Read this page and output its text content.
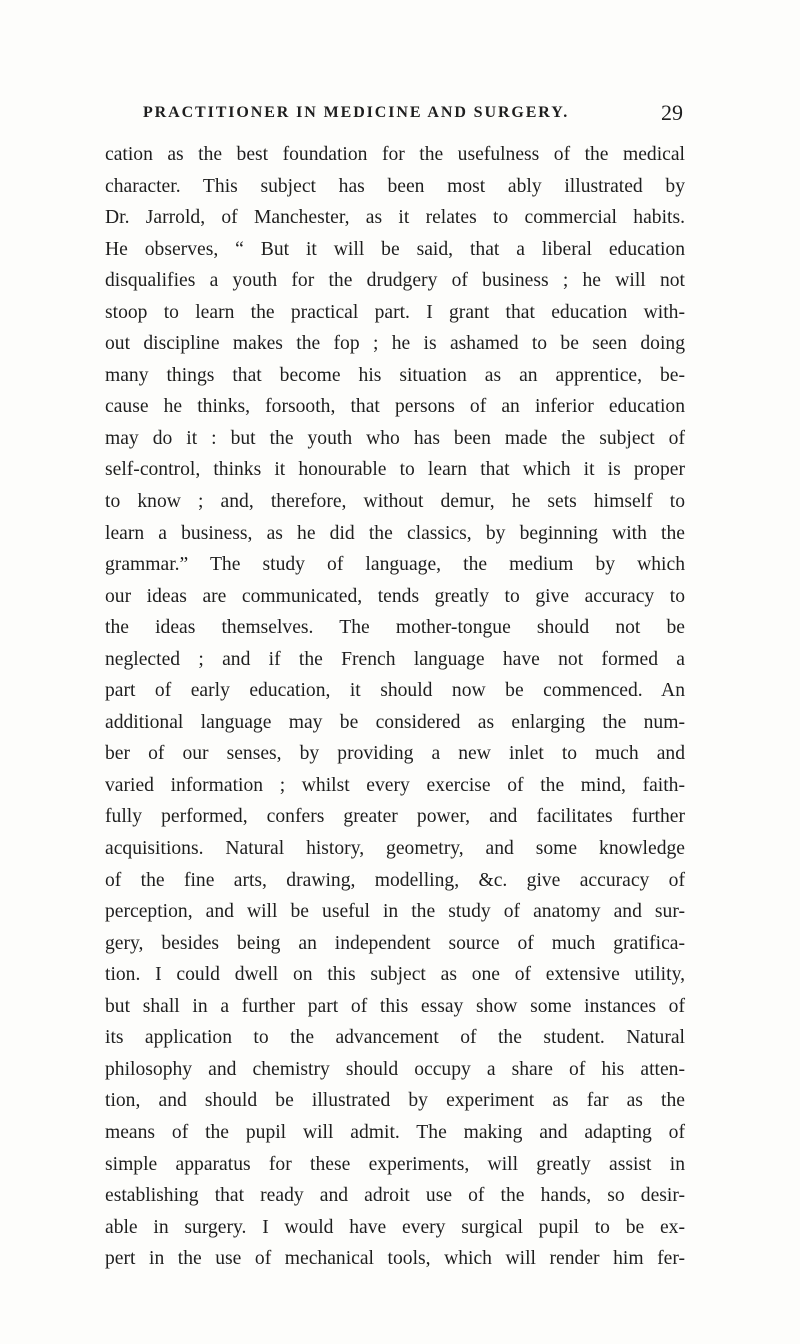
PRACTITIONER IN MEDICINE AND SURGERY.	29
cation as the best foundation for the usefulness of the medical
character. This subject has been most ably illustrated by
Dr. Jarrold, of Manchester, as it relates to commercial habits.
He observes, “ But it will be said, that a liberal education
disqualifies a youth for the drudgery of business ; he will not
stoop to learn the practical part. I grant that education with-
out discipline makes the fop ; he is ashamed to be seen doing
many things that become his situation as an apprentice, be-
cause he thinks, forsooth, that persons of an inferior education
may do it : but the youth who has been made the subject of
self-control, thinks it honourable to learn that which it is proper
to know ; and, therefore, without demur, he sets himself to
learn a business, as he did the classics, by beginning with the
grammar.” The study of language, the medium by which
our ideas are communicated, tends greatly to give accuracy to
the ideas themselves. The mother-tongue should not be
neglected ; and if the French language have not formed a
part of early education, it should now be commenced. An
additional language may be considered as enlarging the num-
ber of our senses, by providing a new inlet to much and
varied information ; whilst every exercise of the mind, faith-
fully performed, confers greater power, and facilitates further
acquisitions. Natural history, geometry, and some knowledge
of the fine arts, drawing, modelling, &c. give accuracy of
perception, and will be useful in the study of anatomy and sur-
gery, besides being an independent source of much gratifica-
tion. I could dwell on this subject as one of extensive utility,
but shall in a further part of this essay show some instances of
its application to the advancement of the student. Natural
philosophy and chemistry should occupy a share of his atten-
tion, and should be illustrated by experiment as far as the
means of the pupil will admit. The making and adapting of
simple apparatus for these experiments, will greatly assist in
establishing that ready and adroit use of the hands, so desir-
able in surgery. I would have every surgical pupil to be ex-
pert in the use of mechanical tools, which will render him fer-
